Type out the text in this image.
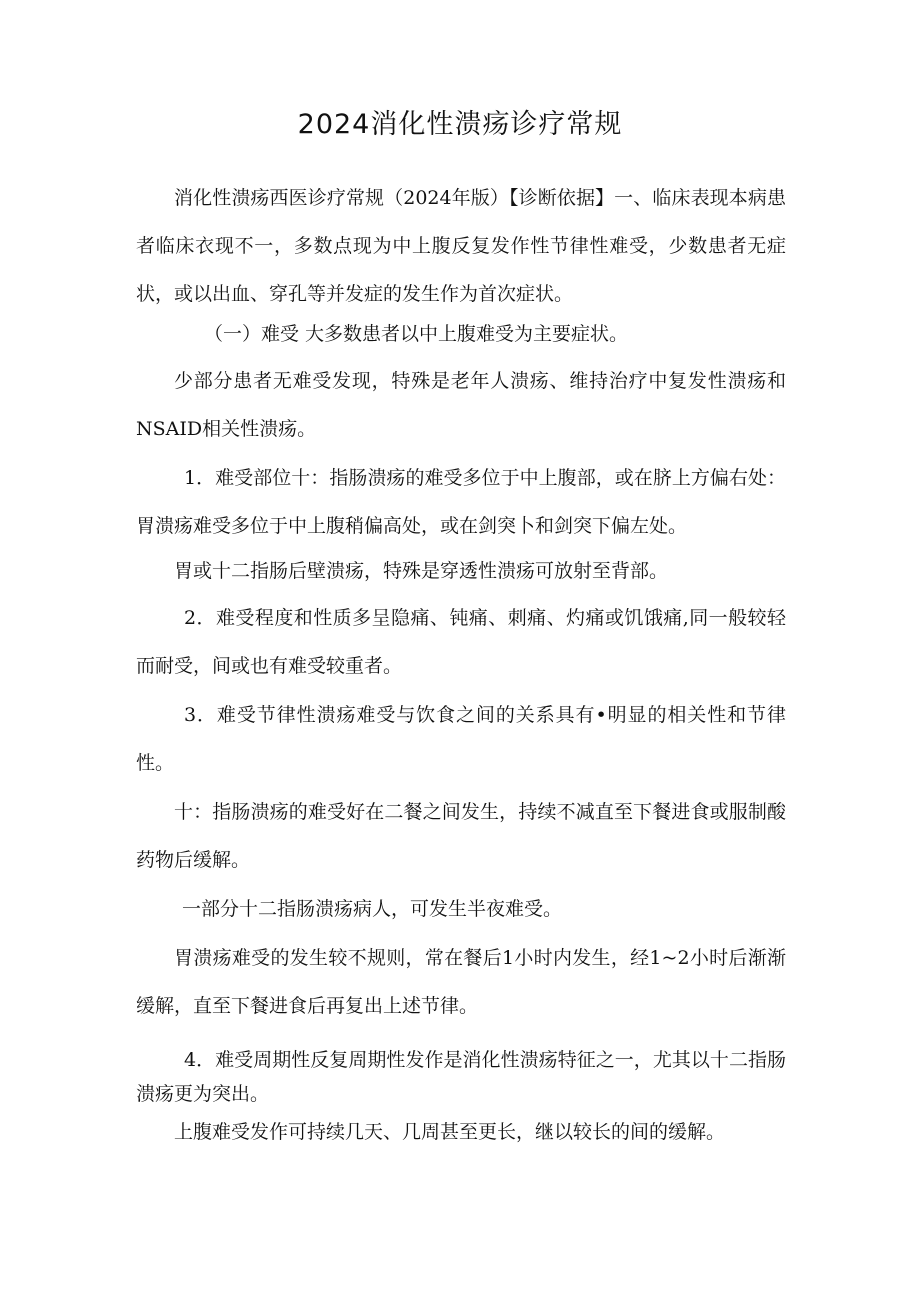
2024消化性溃疡诊疗常规

消化性溃疡西医诊疗常规（2024年版）【诊断依据】一、临床表现本病患者临床衣现不一，多数点现为中上腹反复发作性节律性难受，少数患者无症状，或以出血、穿孔等并发症的发生作为首次症状。

（一）难受 大多数患者以中上腹难受为主要症状。

少部分患者无难受发现，特殊是老年人溃疡、维持治疗中复发性溃疡和NSAID相关性溃疡。

1．难受部位十：指肠溃疡的难受多位于中上腹部，或在脐上方偏右处：胃溃疡难受多位于中上腹稍偏高处，或在剑突卜和剑突下偏左处。

胃或十二指肠后壁溃疡，特殊是穿透性溃疡可放射至背部。

2．难受程度和性质多呈隐痛、钝痛、刺痛、灼痛或饥饿痛,同一般较轻而耐受，间或也有难受较重者。

3．难受节律性溃疡难受与饮食之间的关系具有•明显的相关性和节律性。

十：指肠溃疡的难受好在二餐之间发生，持续不减直至下餐进食或服制酸药物后缓解。

一部分十二指肠溃疡病人，可发生半夜难受。

胃溃疡难受的发生较不规则，常在餐后1小时内发生，经1~2小时后渐渐缓解，直至下餐进食后再复出上述节律。

4．难受周期性反复周期性发作是消化性溃疡特征之一，尤其以十二指肠溃疡更为突出。

上腹难受发作可持续几天、几周甚至更长，继以较长的间的缓解。
